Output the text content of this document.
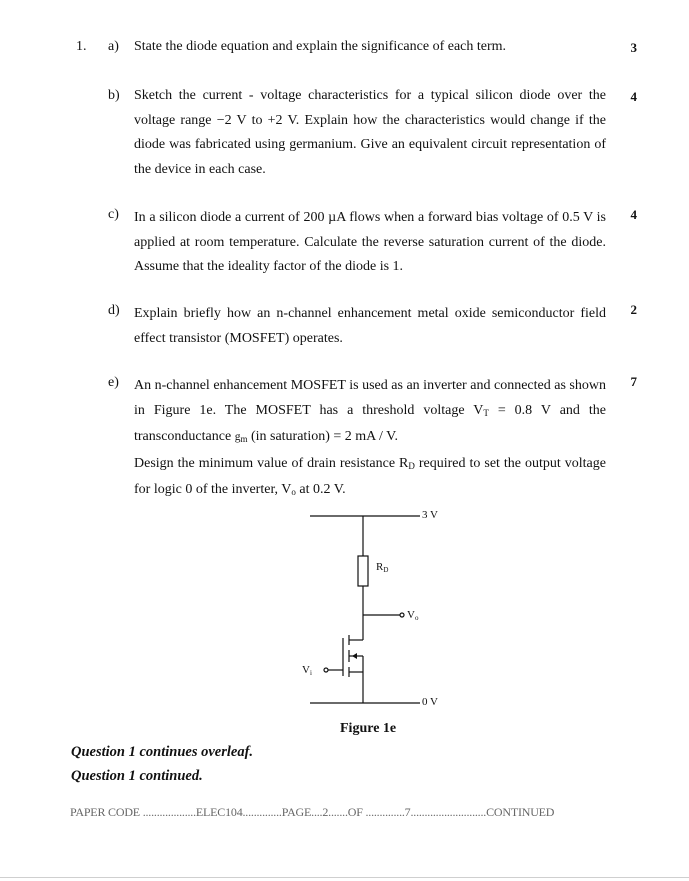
1. a) State the diode equation and explain the significance of each term.	3
b) Sketch the current - voltage characteristics for a typical silicon diode over the voltage range −2 V to +2 V. Explain how the characteristics would change if the diode was fabricated using germanium. Give an equivalent circuit representation of the device in each case.
4
c) In a silicon diode a current of 200 µA flows when a forward bias voltage of 0.5 V is applied at room temperature. Calculate the reverse saturation current of the diode. Assume that the ideality factor of the diode is 1.
4
d) Explain briefly how an n-channel enhancement metal oxide semiconductor field effect transistor (MOSFET) operates.
2
e) An n-channel enhancement MOSFET is used as an inverter and connected as shown in Figure 1e. The MOSFET has a threshold voltage $V_T = 0.8$ V and the transconductance $g_m$ (in saturation) = 2 mA / V.
Design the minimum value of drain resistance $R_D$ required to set the output voltage for logic 0 of the inverter, $V_o$ at 0.2 V.
7
3 V
0 V
RD
Vo
Vi
Figure 1e
Question 1 continues overleaf.
Question 1 continued.
PAPER CODE ...................ELEC104..............PAGE....2.......OF ..............7...........................CONTINUED
